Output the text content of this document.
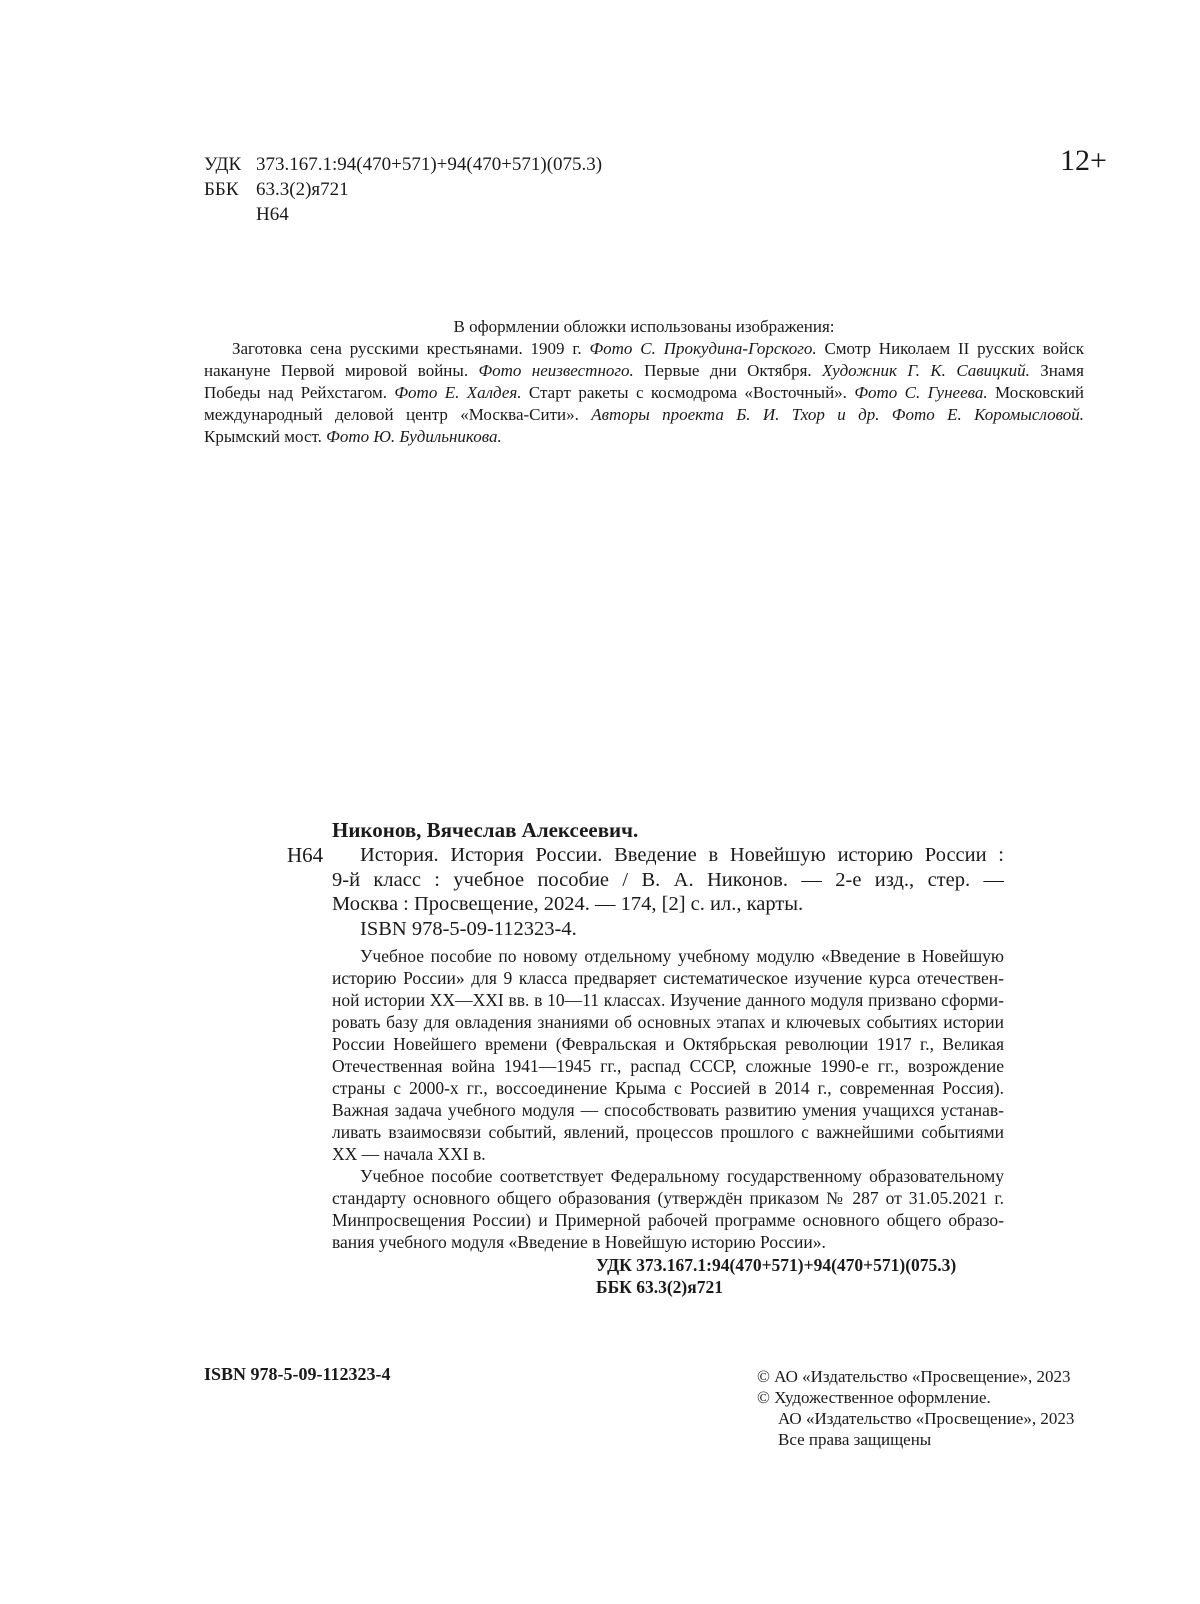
УДК 373.167.1:94(470+571)+94(470+571)(075.3)
ББК 63.3(2)я721
Н64
12+
В оформлении обложки использованы изображения:
Заготовка сена русскими крестьянами. 1909 г. Фото С. Прокудина-Горского. Смотр Николаем II русских войск
накануне Первой мировой войны. Фото неизвестного. Первые дни Октября. Художник Г. К. Савицкий. Знамя
Победы над Рейхстагом. Фото Е. Халдея. Старт ракеты с космодрома «Восточный». Фото С. Гунеева. Московский
международный деловой центр «Москва-Сити». Авторы проекта Б. И. Тхор и др. Фото Е. Коромысловой.
Крымский мост. Фото Ю. Будильникова.
Н64
Никонов, Вячеслав Алексеевич.
История. История России. Введение в Новейшую историю России :
9-й класс : учебное пособие / В. А. Никонов. — 2-е изд., стер. —
Москва : Просвещение, 2024. — 174, [2] с. ил., карты.
ISBN 978-5-09-112323-4.
Учебное пособие по новому отдельному учебному модулю «Введение в Новейшую
историю России» для 9 класса предваряет систематическое изучение курса отечествен-
ной истории XX—XXI вв. в 10—11 классах. Изучение данного модуля призвано сформи-
ровать базу для овладения знаниями об основных этапах и ключевых событиях истории
России Новейшего времени (Февральская и Октябрьская революции 1917 г., Великая
Отечественная война 1941—1945 гг., распад СССР, сложные 1990-е гг., возрождение
страны с 2000-х гг., воссоединение Крыма с Россией в 2014 г., современная Россия).
Важная задача учебного модуля — способствовать развитию умения учащихся устанав-
ливать взаимосвязи событий, явлений, процессов прошлого с важнейшими событиями
XX — начала XXI в.
Учебное пособие соответствует Федеральному государственному образовательному
стандарту основного общего образования (утверждён приказом № 287 от 31.05.2021 г.
Минпросвещения России) и Примерной рабочей программе основного общего образо-
вания учебного модуля «Введение в Новейшую историю России».
УДК 373.167.1:94(470+571)+94(470+571)(075.3)
ББК 63.3(2)я721
ISBN 978-5-09-112323-4	© АО «Издательство «Просвещение», 2023
© Художественное оформление.
АО «Издательство «Просвещение», 2023
Все права защищены
